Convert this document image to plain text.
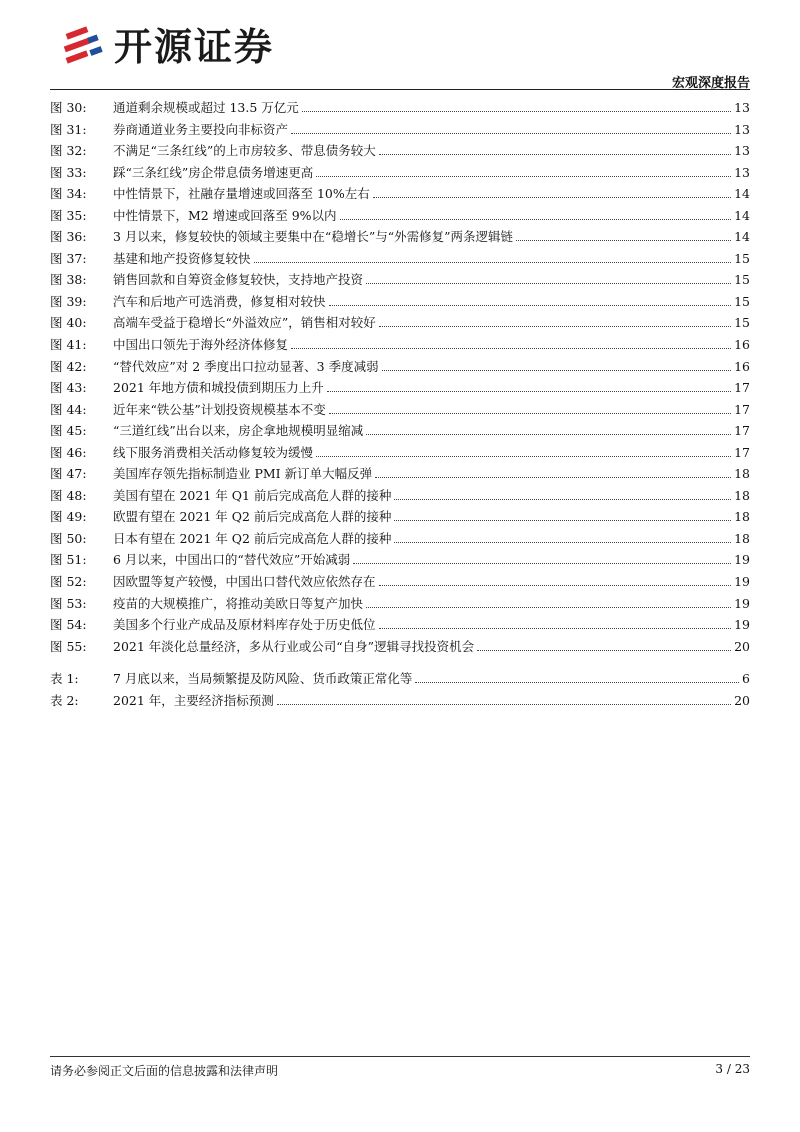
开源证券
宏观深度报告
图 30:	通道剩余规模或超过 13.5 万亿元	13
图 31:	券商通道业务主要投向非标资产	13
图 32:	不满足“三条红线”的上市房较多、带息债务较大	13
图 33:	踩“三条红线”房企带息债务增速更高	13
图 34:	中性情景下，社融存量增速或回落至 10%左右	14
图 35:	中性情景下，M2 增速或回落至 9%以内	14
图 36:	3 月以来，修复较快的领域主要集中在“稳增长”与“外需修复”两条逻辑链	14
图 37:	基建和地产投资修复较快	15
图 38:	销售回款和自筹资金修复较快，支持地产投资	15
图 39:	汽车和后地产可选消费，修复相对较快	15
图 40:	高端车受益于稳增长“外溢效应”，销售相对较好	15
图 41:	中国出口领先于海外经济体修复	16
图 42:	“替代效应”对 2 季度出口拉动显著、3 季度减弱	16
图 43:	2021 年地方债和城投债到期压力上升	17
图 44:	近年来“铁公基”计划投资规模基本不变	17
图 45:	“三道红线”出台以来，房企拿地规模明显缩减	17
图 46:	线下服务消费相关活动修复较为缓慢	17
图 47:	美国库存领先指标制造业 PMI 新订单大幅反弹	18
图 48:	美国有望在 2021 年 Q1 前后完成高危人群的接种	18
图 49:	欧盟有望在 2021 年 Q2 前后完成高危人群的接种	18
图 50:	日本有望在 2021 年 Q2 前后完成高危人群的接种	18
图 51:	6 月以来，中国出口的“替代效应”开始减弱	19
图 52:	因欧盟等复产较慢，中国出口替代效应依然存在	19
图 53:	疫苗的大规模推广，将推动美欧日等复产加快	19
图 54:	美国多个行业产成品及原材料库存处于历史低位	19
图 55:	2021 年淡化总量经济，多从行业或公司“自身”逻辑寻找投资机会	20
表 1:	7 月底以来，当局频繁提及防风险、货币政策正常化等	6
表 2:	2021 年，主要经济指标预测	20
请务必参阅正文后面的信息披露和法律声明	3 / 23
